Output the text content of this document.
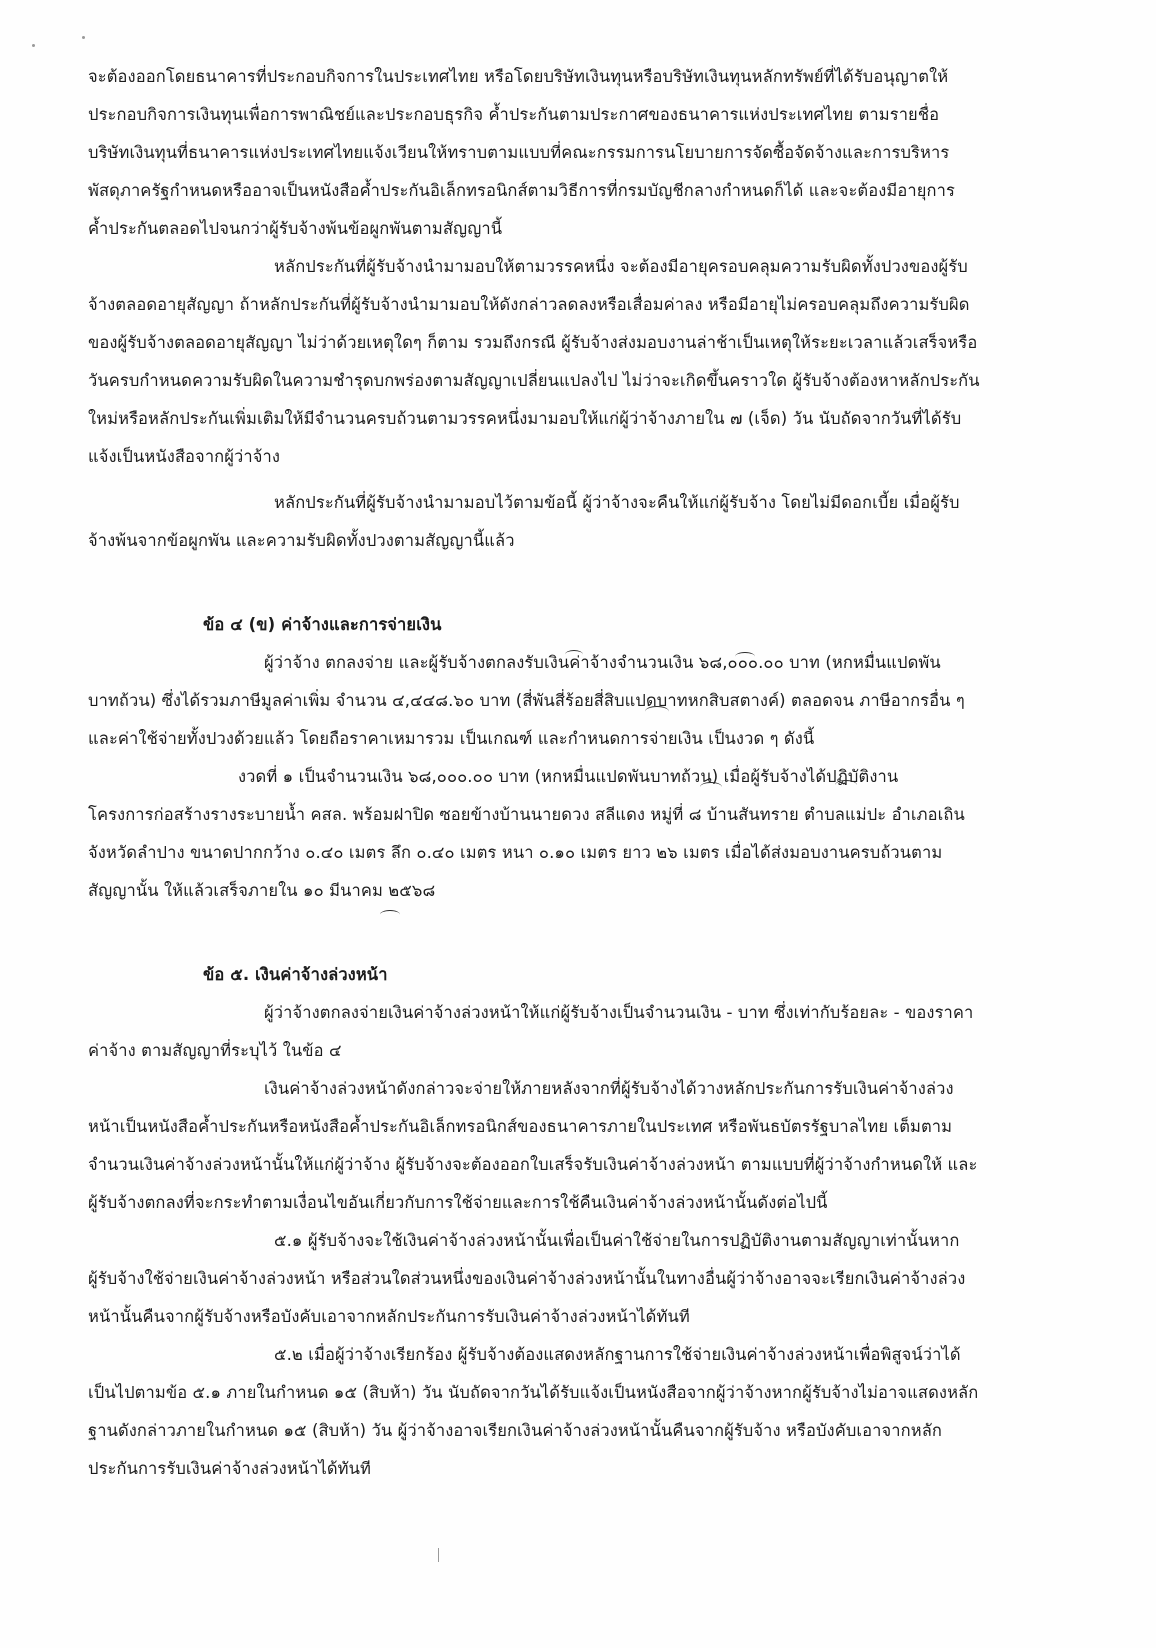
จะต้องออกโดยธนาคารที่ประกอบกิจการในประเทศไทย หรือโดยบริษัทเงินทุนหรือบริษัทเงินทุนหลักทรัพย์ที่ได้รับอนุญาตให้
ประกอบกิจการเงินทุนเพื่อการพาณิชย์และประกอบธุรกิจ ค้ำประกันตามประกาศของธนาคารแห่งประเทศไทย ตามรายชื่อ
บริษัทเงินทุนที่ธนาคารแห่งประเทศไทยแจ้งเวียนให้ทราบตามแบบที่คณะกรรมการนโยบายการจัดซื้อจัดจ้างและการบริหาร
พัสดุภาครัฐกำหนดหรืออาจเป็นหนังสือค้ำประกันอิเล็กทรอนิกส์ตามวิธีการที่กรมบัญชีกลางกำหนดก็ได้ และจะต้องมีอายุการ
ค้ำประกันตลอดไปจนกว่าผู้รับจ้างพ้นข้อผูกพันตามสัญญานี้
หลักประกันที่ผู้รับจ้างนำมามอบให้ตามวรรคหนึ่ง จะต้องมีอายุครอบคลุมความรับผิดทั้งปวงของผู้รับ
จ้างตลอดอายุสัญญา ถ้าหลักประกันที่ผู้รับจ้างนำมามอบให้ดังกล่าวลดลงหรือเสื่อมค่าลง หรือมีอายุไม่ครอบคลุมถึงความรับผิด
ของผู้รับจ้างตลอดอายุสัญญา ไม่ว่าด้วยเหตุใดๆ ก็ตาม รวมถึงกรณี ผู้รับจ้างส่งมอบงานล่าช้าเป็นเหตุให้ระยะเวลาแล้วเสร็จหรือ
วันครบกำหนดความรับผิดในความชำรุดบกพร่องตามสัญญาเปลี่ยนแปลงไป ไม่ว่าจะเกิดขึ้นคราวใด ผู้รับจ้างต้องหาหลักประกัน
ใหม่หรือหลักประกันเพิ่มเติมให้มีจำนวนครบถ้วนตามวรรคหนึ่งมามอบให้แก่ผู้ว่าจ้างภายใน ๗ (เจ็ด) วัน นับถัดจากวันที่ได้รับ
แจ้งเป็นหนังสือจากผู้ว่าจ้าง
หลักประกันที่ผู้รับจ้างนำมามอบไว้ตามข้อนี้ ผู้ว่าจ้างจะคืนให้แก่ผู้รับจ้าง โดยไม่มีดอกเบี้ย เมื่อผู้รับ
จ้างพ้นจากข้อผูกพัน และความรับผิดทั้งปวงตามสัญญานี้แล้ว
ข้อ ๔ (ข) ค่าจ้างและการจ่ายเงิน
ผู้ว่าจ้าง ตกลงจ่าย และผู้รับจ้างตกลงรับเงินค่าจ้างจำนวนเงิน ๖๘,๐๐๐.๐๐ บาท (หกหมื่นแปดพัน
บาทถ้วน) ซึ่งได้รวมภาษีมูลค่าเพิ่ม จำนวน ๔,๔๔๘.๖๐ บาท (สี่พันสี่ร้อยสี่สิบแปดบาทหกสิบสตางค์) ตลอดจน ภาษีอากรอื่น ๆ
และค่าใช้จ่ายทั้งปวงด้วยแล้ว โดยถือราคาเหมารวม เป็นเกณฑ์ และกำหนดการจ่ายเงิน เป็นงวด ๆ ดังนี้
งวดที่ ๑ เป็นจำนวนเงิน ๖๘,๐๐๐.๐๐ บาท (หกหมื่นแปดพันบาทถ้วน) เมื่อผู้รับจ้างได้ปฏิบัติงาน
โครงการก่อสร้างรางระบายน้ำ คสล. พร้อมฝาปิด ซอยข้างบ้านนายดวง สลีแดง หมู่ที่ ๘ บ้านสันทราย ตำบลแม่ปะ อำเภอเถิน
จังหวัดลำปาง ขนาดปากกว้าง ๐.๔๐ เมตร ลึก ๐.๔๐ เมตร หนา ๐.๑๐ เมตร ยาว ๒๖ เมตร เมื่อได้ส่งมอบงานครบถ้วนตาม
สัญญานั้น ให้แล้วเสร็จภายใน ๑๐ มีนาคม ๒๕๖๘
ข้อ ๕. เงินค่าจ้างล่วงหน้า
ผู้ว่าจ้างตกลงจ่ายเงินค่าจ้างล่วงหน้าให้แก่ผู้รับจ้างเป็นจำนวนเงิน - บาท ซึ่งเท่ากับร้อยละ - ของราคา
ค่าจ้าง ตามสัญญาที่ระบุไว้ ในข้อ ๔
เงินค่าจ้างล่วงหน้าดังกล่าวจะจ่ายให้ภายหลังจากที่ผู้รับจ้างได้วางหลักประกันการรับเงินค่าจ้างล่วง
หน้าเป็นหนังสือค้ำประกันหรือหนังสือค้ำประกันอิเล็กทรอนิกส์ของธนาคารภายในประเทศ หรือพันธบัตรรัฐบาลไทย เต็มตาม
จำนวนเงินค่าจ้างล่วงหน้านั้นให้แก่ผู้ว่าจ้าง ผู้รับจ้างจะต้องออกใบเสร็จรับเงินค่าจ้างล่วงหน้า ตามแบบที่ผู้ว่าจ้างกำหนดให้ และ
ผู้รับจ้างตกลงที่จะกระทำตามเงื่อนไขอันเกี่ยวกับการใช้จ่ายและการใช้คืนเงินค่าจ้างล่วงหน้านั้นดังต่อไปนี้
๕.๑ ผู้รับจ้างจะใช้เงินค่าจ้างล่วงหน้านั้นเพื่อเป็นค่าใช้จ่ายในการปฏิบัติงานตามสัญญาเท่านั้นหาก
ผู้รับจ้างใช้จ่ายเงินค่าจ้างล่วงหน้า หรือส่วนใดส่วนหนึ่งของเงินค่าจ้างล่วงหน้านั้นในทางอื่นผู้ว่าจ้างอาจจะเรียกเงินค่าจ้างล่วง
หน้านั้นคืนจากผู้รับจ้างหรือบังคับเอาจากหลักประกันการรับเงินค่าจ้างล่วงหน้าได้ทันที
๕.๒ เมื่อผู้ว่าจ้างเรียกร้อง ผู้รับจ้างต้องแสดงหลักฐานการใช้จ่ายเงินค่าจ้างล่วงหน้าเพื่อพิสูจน์ว่าได้
เป็นไปตามข้อ ๕.๑ ภายในกำหนด ๑๕ (สิบห้า) วัน นับถัดจากวันได้รับแจ้งเป็นหนังสือจากผู้ว่าจ้างหากผู้รับจ้างไม่อาจแสดงหลัก
ฐานดังกล่าวภายในกำหนด ๑๕ (สิบห้า) วัน ผู้ว่าจ้างอาจเรียกเงินค่าจ้างล่วงหน้านั้นคืนจากผู้รับจ้าง หรือบังคับเอาจากหลัก
ประกันการรับเงินค่าจ้างล่วงหน้าได้ทันที
